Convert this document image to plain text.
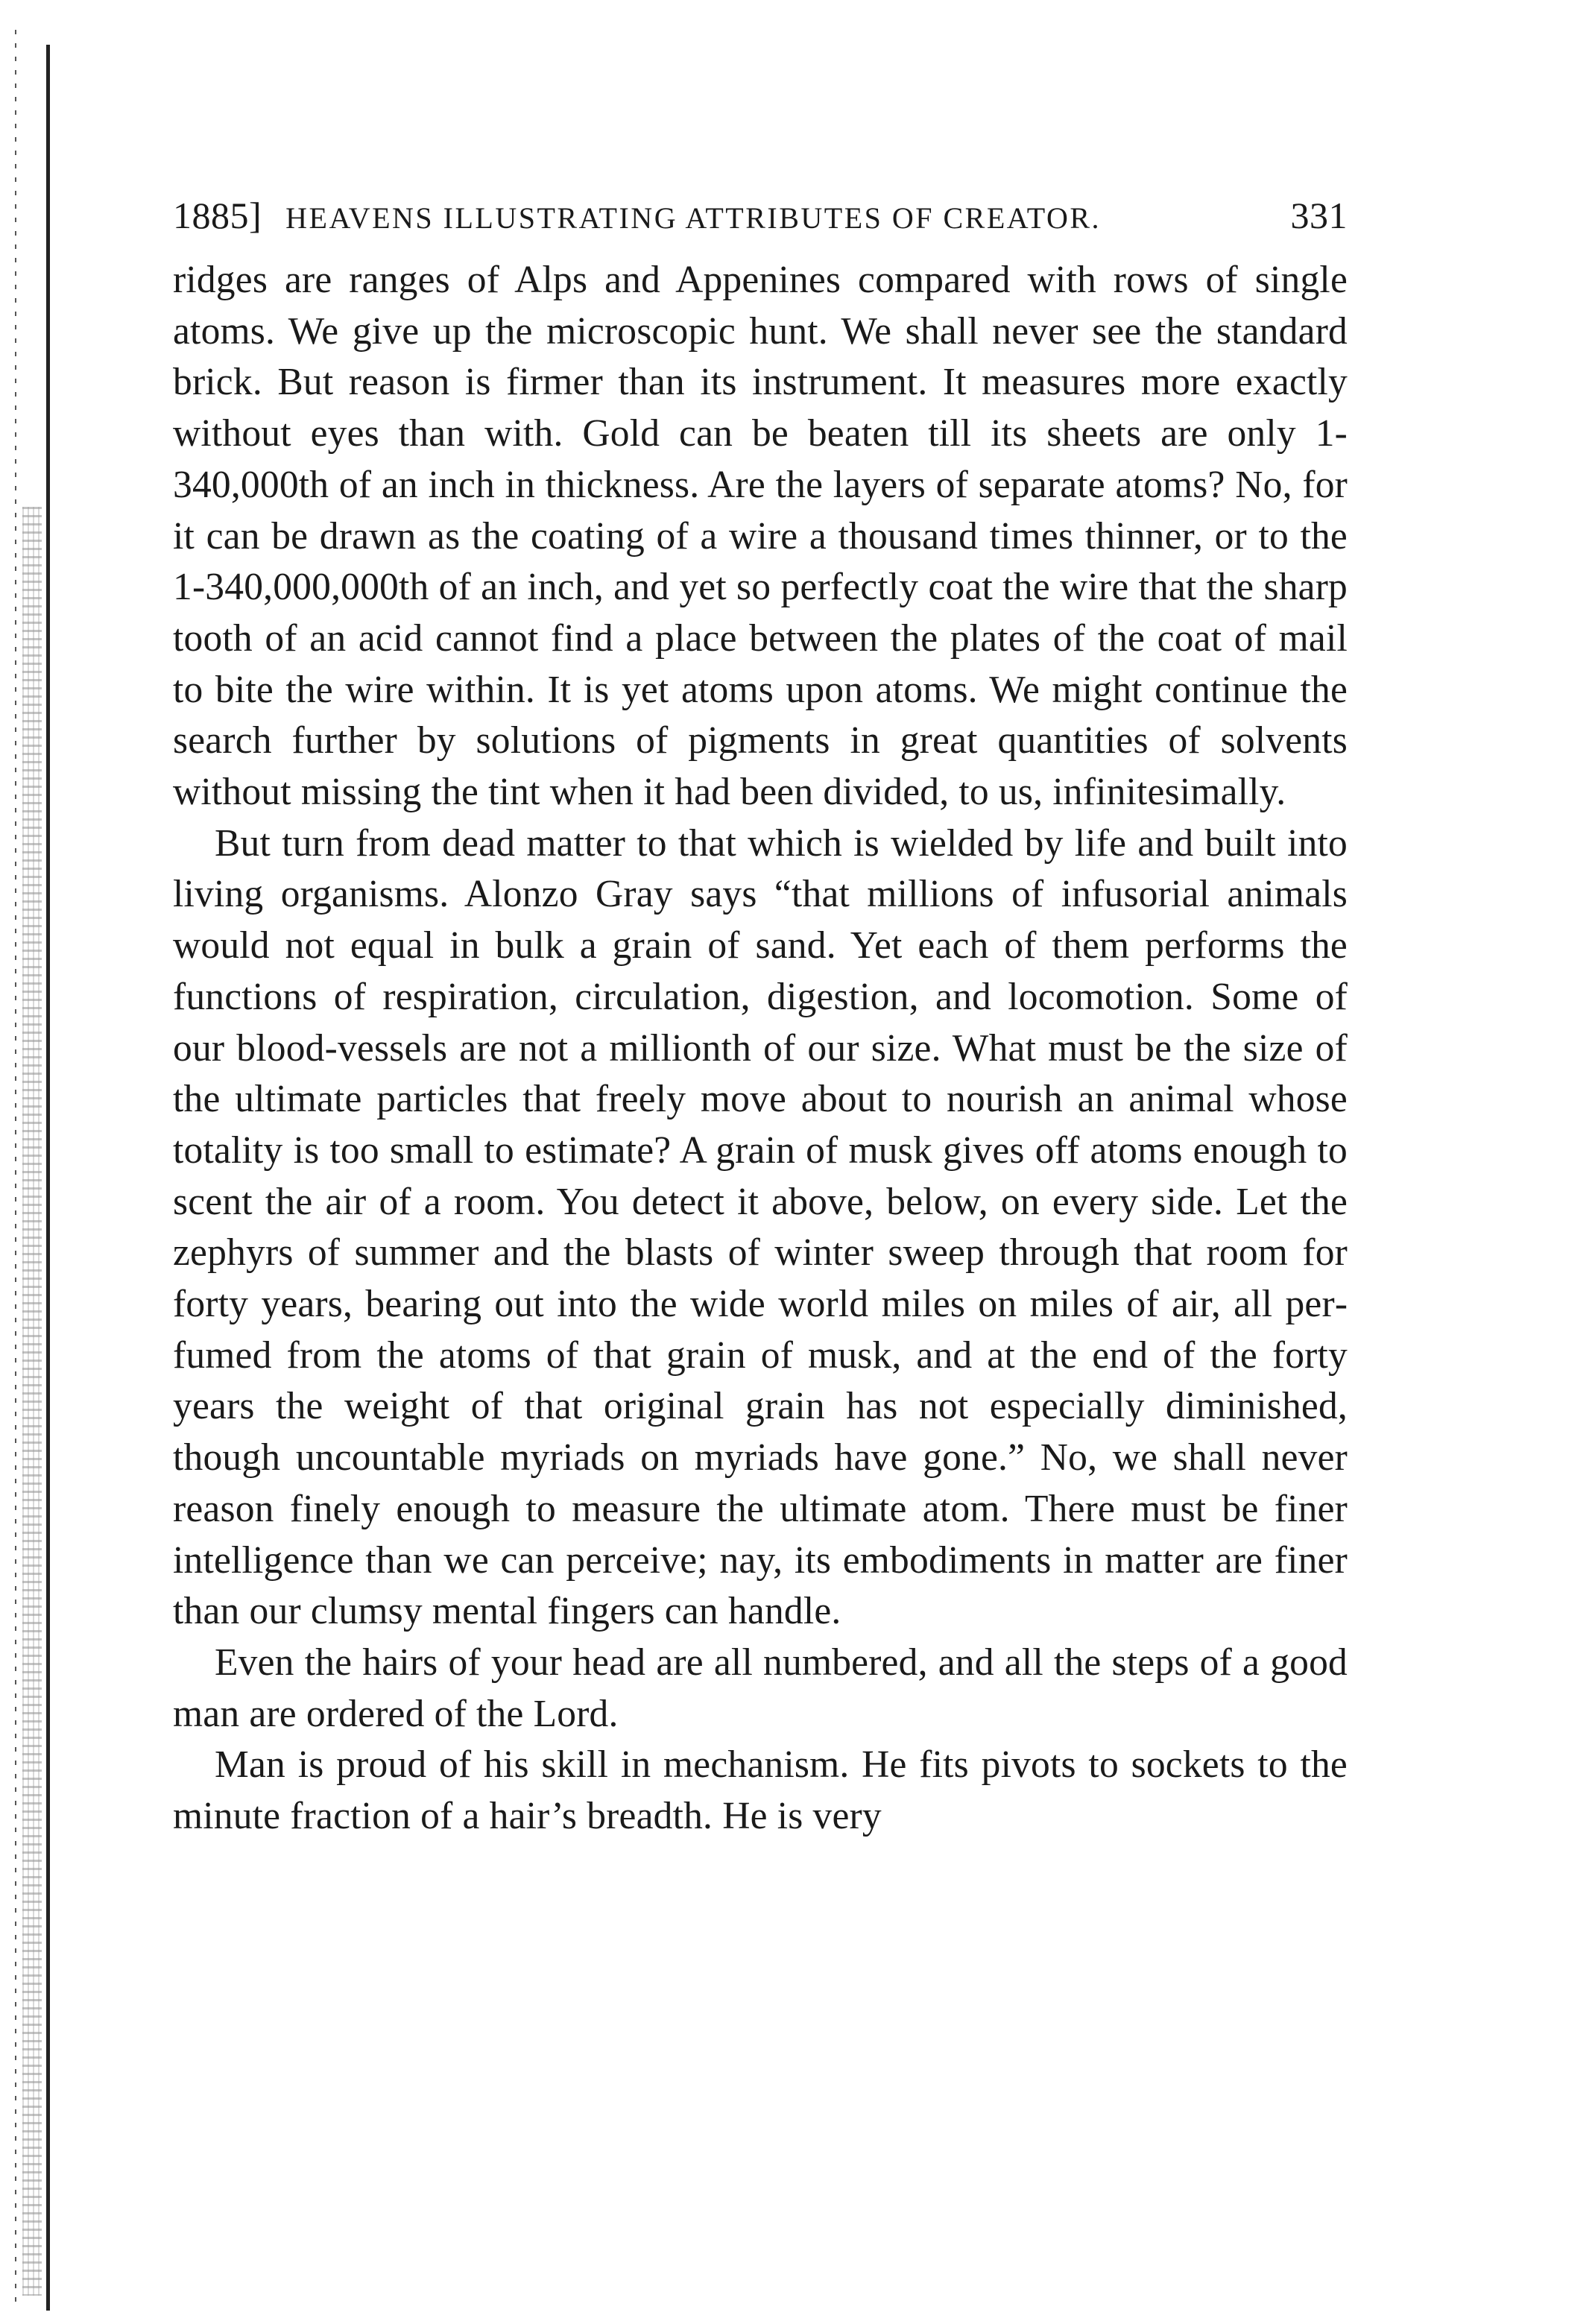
1885] HEAVENS ILLUSTRATING ATTRIBUTES OF CREATOR.	331

ridges are ranges of Alps and Appenines compared with rows of single atoms. We give up the microscopic hunt. We shall never see the standard brick. But reason is firmer than its instrument. It measures more exactly without eyes than with. Gold can be beaten till its sheets are only 1-340,000th of an inch in thickness. Are the layers of separate atoms? No, for it can be drawn as the coating of a wire a thousand times thinner, or to the 1-340,000,000th of an inch, and yet so perfectly coat the wire that the sharp tooth of an acid cannot find a place between the plates of the coat of mail to bite the wire within. It is yet atoms upon atoms. We might continue the search further by solutions of pigments in great quantities of solvents without missing the tint when it had been divided, to us, infinitesimally.

But turn from dead matter to that which is wielded by life and built into living organisms. Alonzo Gray says “that millions of infusorial animals would not equal in bulk a grain of sand. Yet each of them performs the functions of respiration, circulation, digestion, and locomotion. Some of our blood-vessels are not a millionth of our size. What must be the size of the ultimate particles that freely move about to nourish an animal whose totality is too small to estimate? A grain of musk gives off atoms enough to scent the air of a room. You detect it above, below, on every side. Let the zephyrs of summer and the blasts of winter sweep through that room for forty years, bearing out into the wide world miles on miles of air, all perfumed from the atoms of that grain of musk, and at the end of the forty years the weight of that original grain has not especially diminished, though uncountable myriads on myriads have gone.” No, we shall never reason finely enough to measure the ultimate atom. There must be finer intelligence than we can perceive; nay, its embodiments in matter are finer than our clumsy mental fingers can handle.

Even the hairs of your head are all numbered, and all the steps of a good man are ordered of the Lord.

Man is proud of his skill in mechanism. He fits pivots to sockets to the minute fraction of a hair’s breadth. He is very
